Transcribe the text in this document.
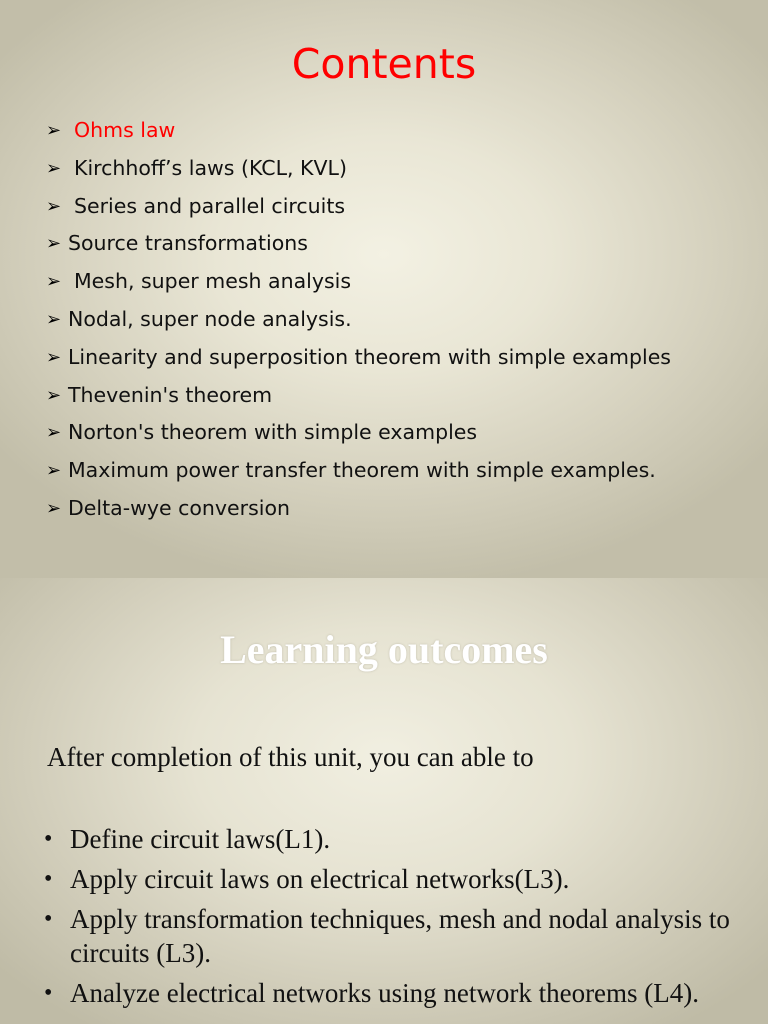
Contents
➢ Ohms law
➢ Kirchhoff’s laws (KCL, KVL)
➢ Series and parallel circuits
➢ Source transformations
➢ Mesh, super mesh analysis
➢ Nodal, super node analysis.
➢ Linearity and superposition theorem with simple examples
➢ Thevenin's theorem
➢ Norton's theorem with simple examples
➢ Maximum power transfer theorem with simple examples.
➢ Delta-wye conversion
Learning outcomes

After completion of this unit, you can able to

• Define circuit laws(L1).
• Apply circuit laws on electrical networks(L3).
• Apply transformation techniques, mesh and nodal analysis to circuits (L3).
• Analyze electrical networks using network theorems (L4).
